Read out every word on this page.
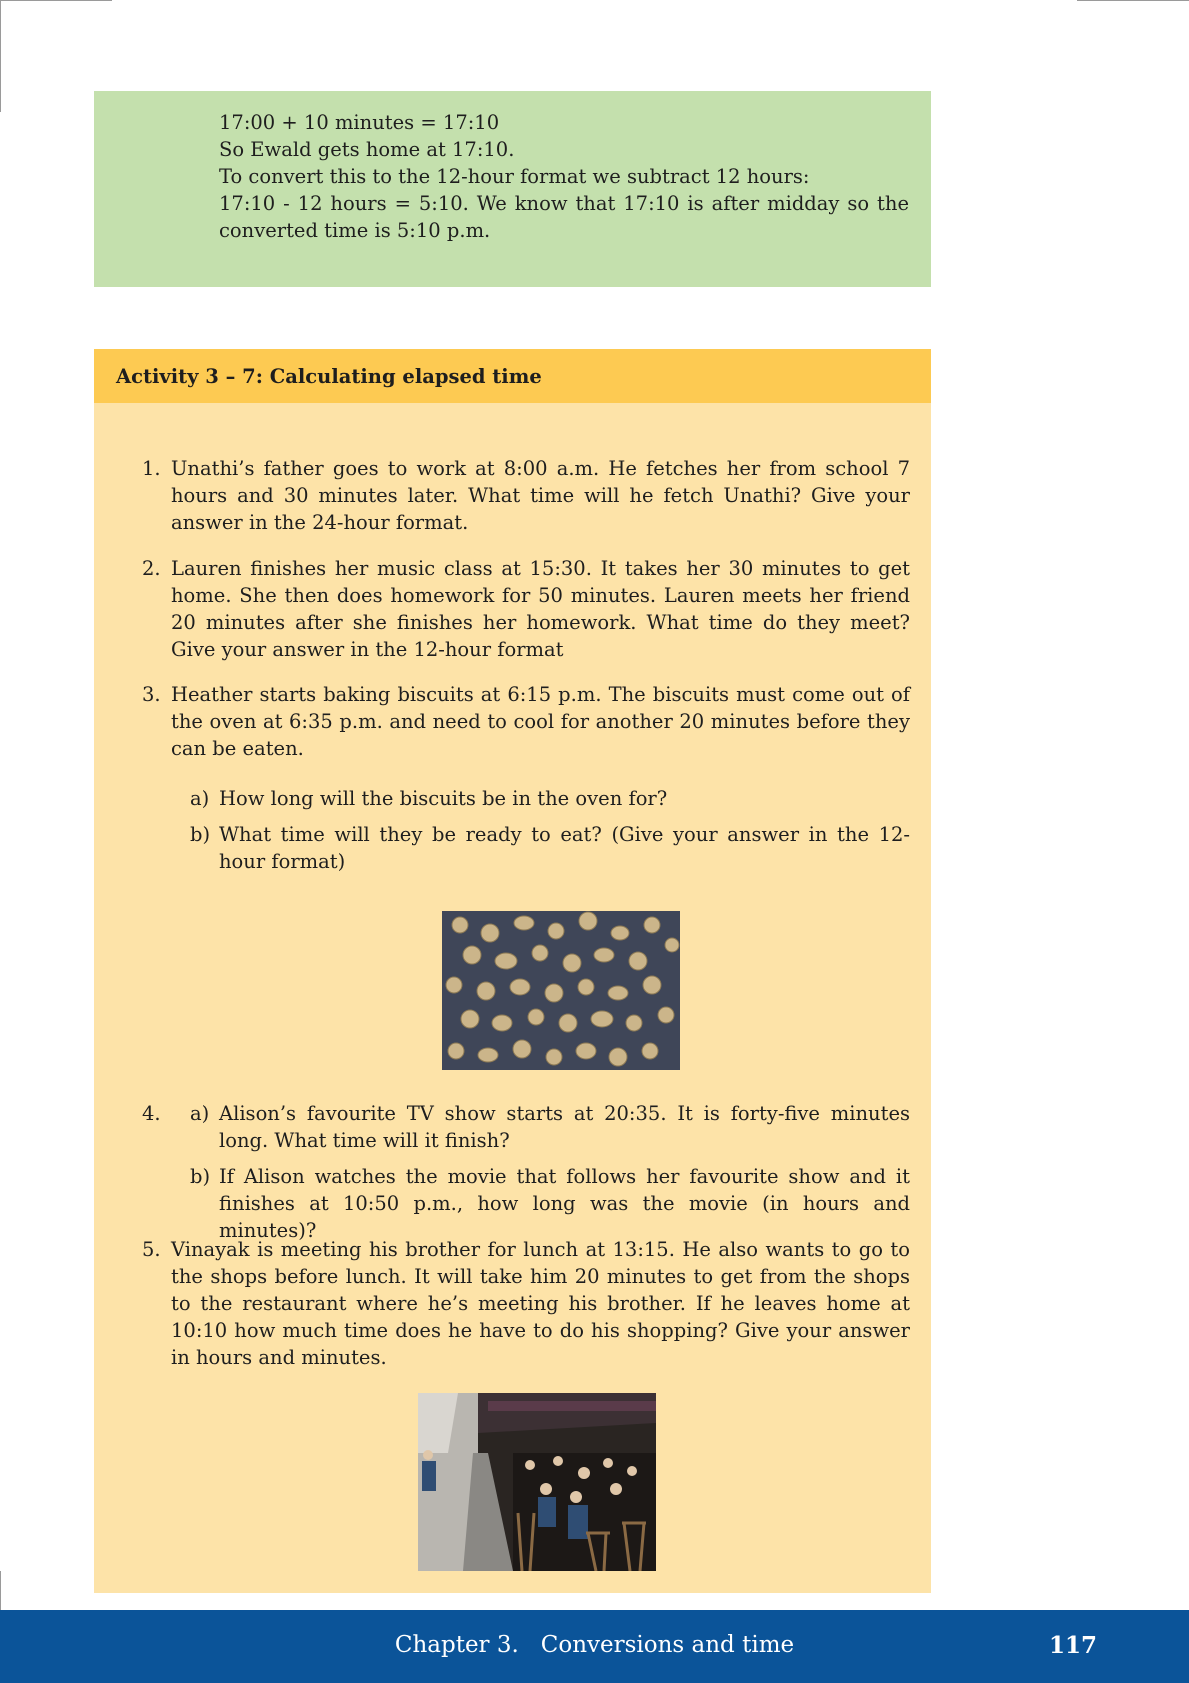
17:00 + 10 minutes = 17:10
So Ewald gets home at 17:10.
To convert this to the 12-hour format we subtract 12 hours:
17:10 - 12 hours = 5:10. We know that 17:10 is after midday so the converted time is 5:10 p.m.
Activity 3 – 7: Calculating elapsed time
1. Unathi’s father goes to work at 8:00 a.m. He fetches her from school 7 hours and 30 minutes later. What time will he fetch Unathi? Give your answer in the 24-hour format.
2. Lauren finishes her music class at 15:30. It takes her 30 minutes to get home. She then does homework for 50 minutes. Lauren meets her friend 20 minutes after she finishes her homework. What time do they meet? Give your answer in the 12-hour format
3. Heather starts baking biscuits at 6:15 p.m. The biscuits must come out of the oven at 6:35 p.m. and need to cool for another 20 minutes before they can be eaten.
a) How long will the biscuits be in the oven for?
b) What time will they be ready to eat? (Give your answer in the 12-hour format)
4. a) Alison’s favourite TV show starts at 20:35. It is forty-five minutes long. What time will it finish?
b) If Alison watches the movie that follows her favourite show and it finishes at 10:50 p.m., how long was the movie (in hours and minutes)?
5. Vinayak is meeting his brother for lunch at 13:15. He also wants to go to the shops before lunch. It will take him 20 minutes to get from the shops to the restaurant where he’s meeting his brother. If he leaves home at 10:10 how much time does he have to do his shopping? Give your answer in hours and minutes.
Chapter 3.   Conversions and time	117
